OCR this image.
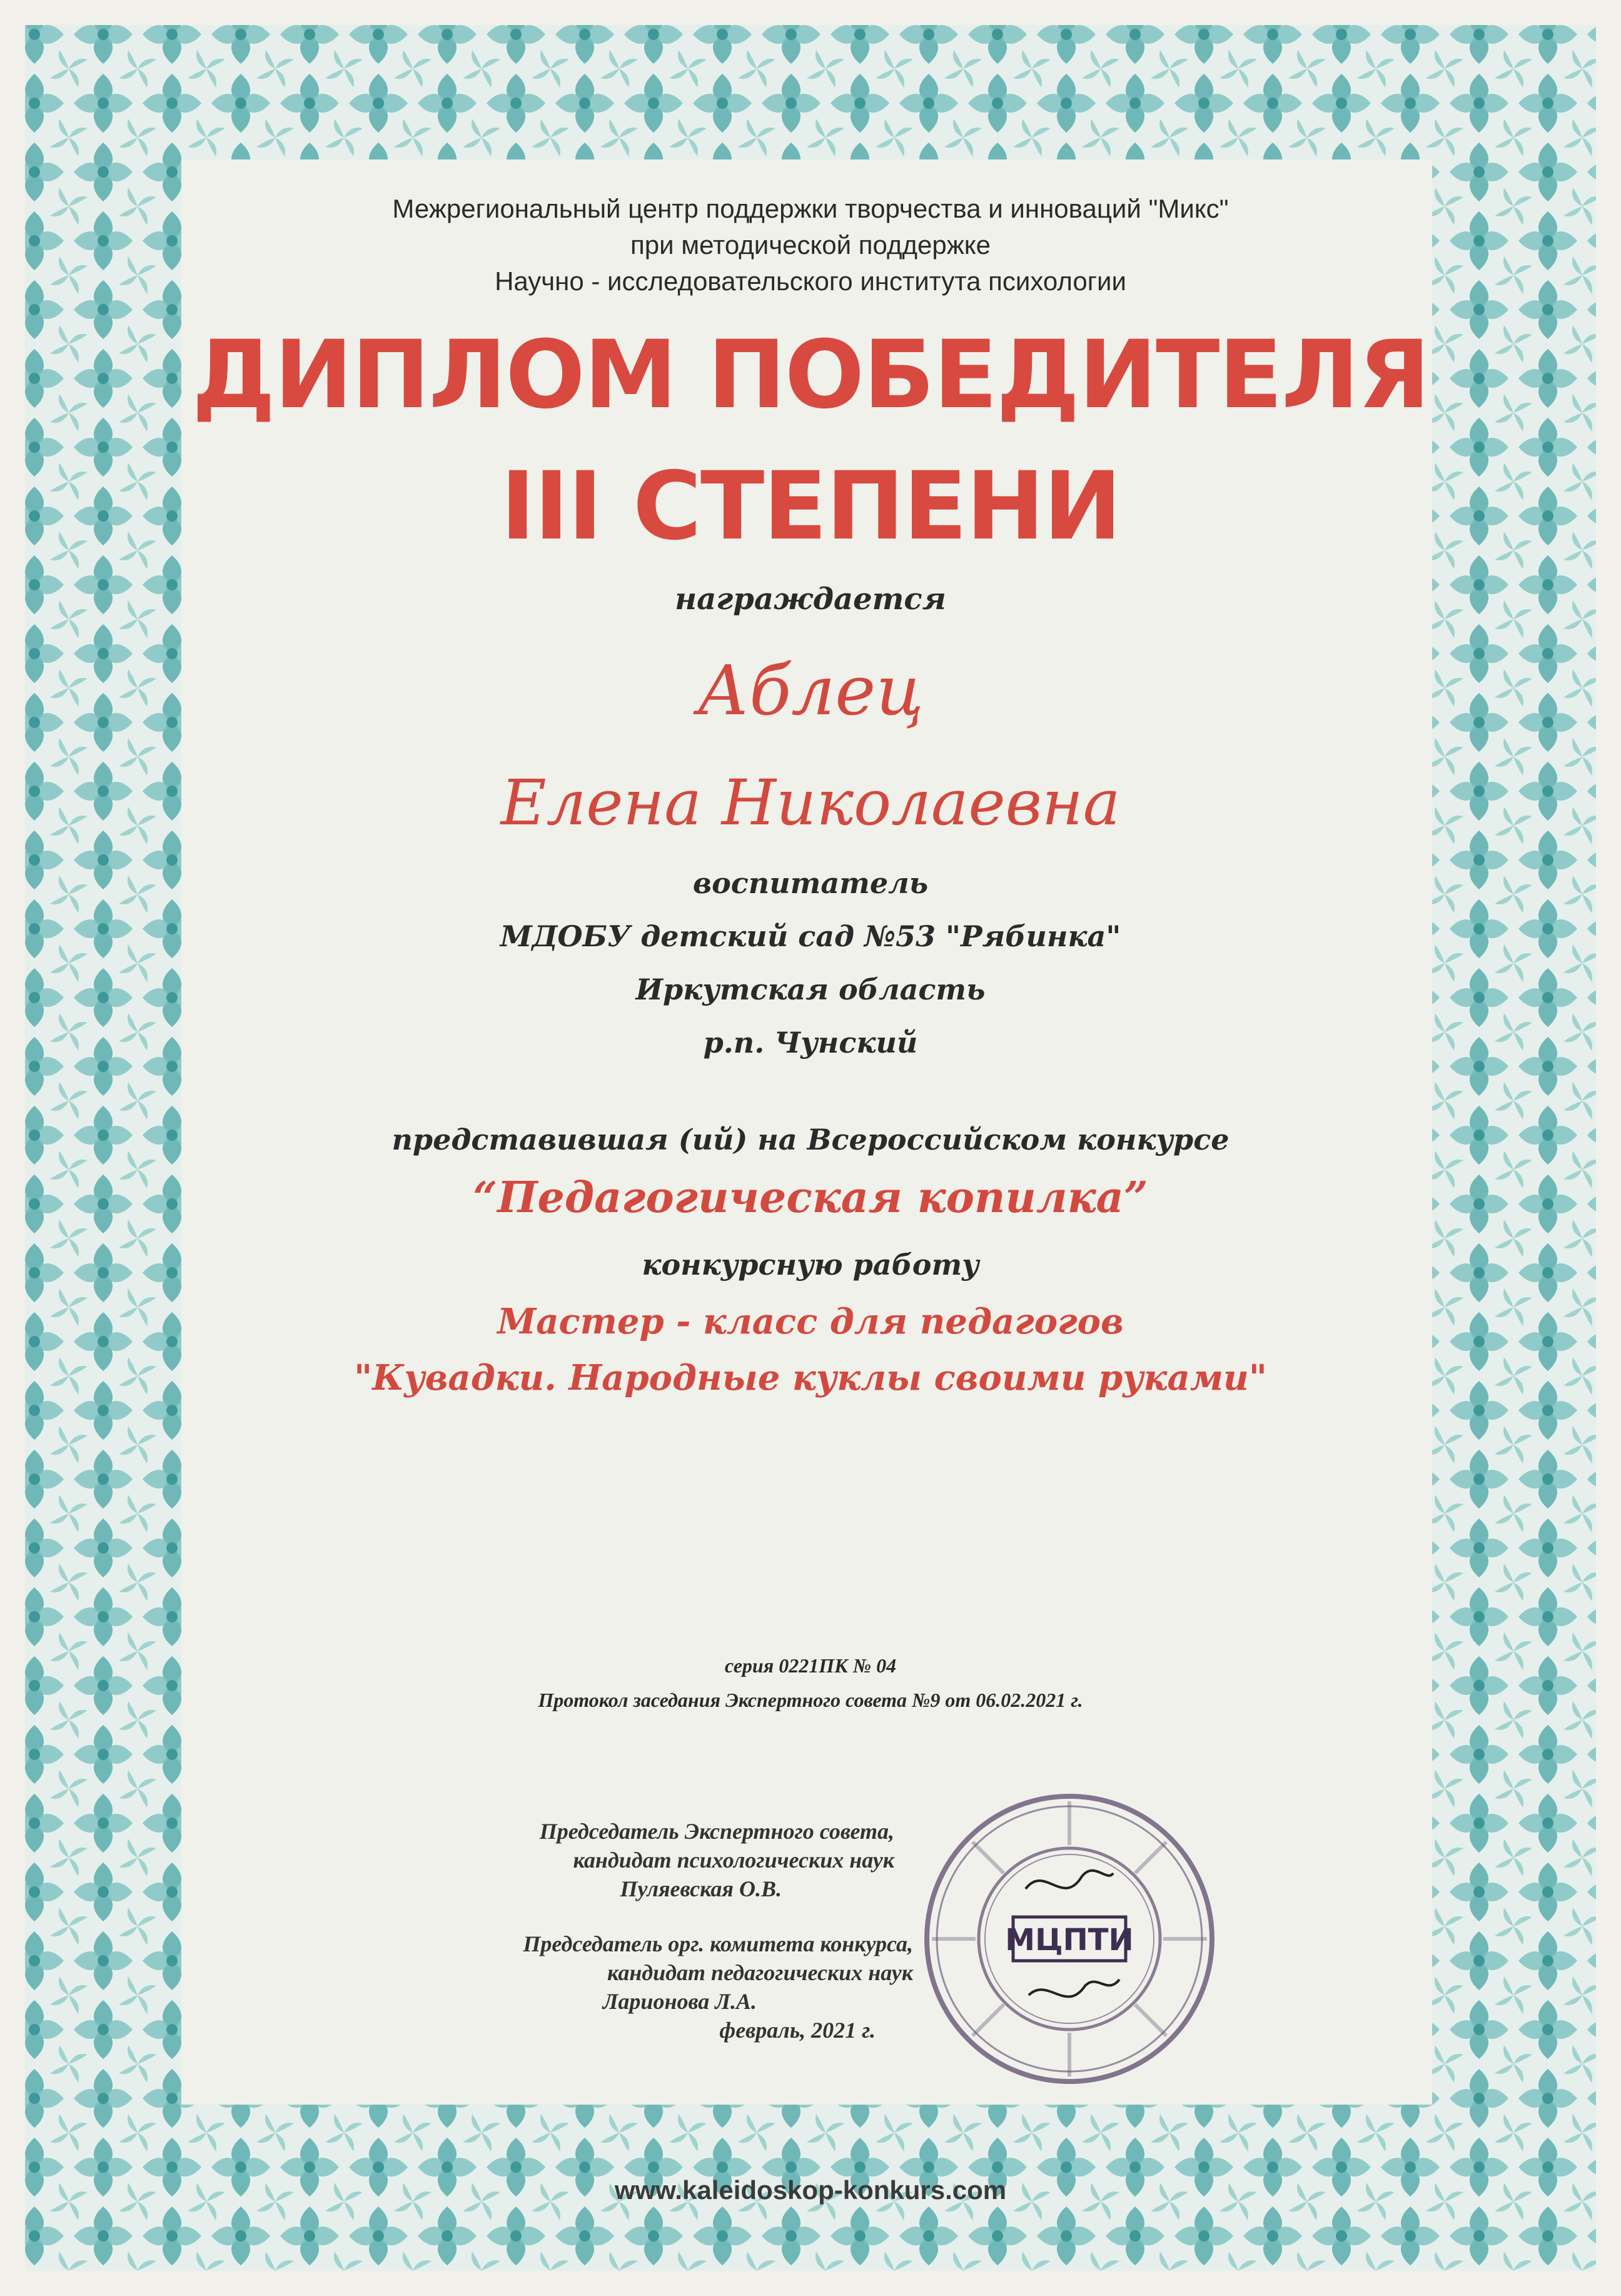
Межрегиональный центр поддержки творчества и инноваций "Микс"

при методической поддержке

Научно - исследовательского института психологии

ДИПЛОМ ПОБЕДИТЕЛЯ

III СТЕПЕНИ

награждается

Аблец

Елена Николаевна

воспитатель

МДОБУ детский сад №53 "Рябинка"

Иркутская область

р.п. Чунский

представившая (ий) на Всероссийском конкурсе

“Педагогическая копилка”

конкурсную работу

Мастер - класс для педагогов

"Кувадки. Народные куклы своими руками"

серия 0221ПК № 04

Протокол заседания Экспертного совета №9 от 06.02.2021 г.

Председатель Экспертного совета,
кандидат психологических наук
Пуляевская О.В.
Председатель орг. комитета конкурса,
кандидат педагогических наук
Ларионова Л.А.
февраль, 2021 г.
МЦПТИ

www.kaleidoskop-konkurs.com
